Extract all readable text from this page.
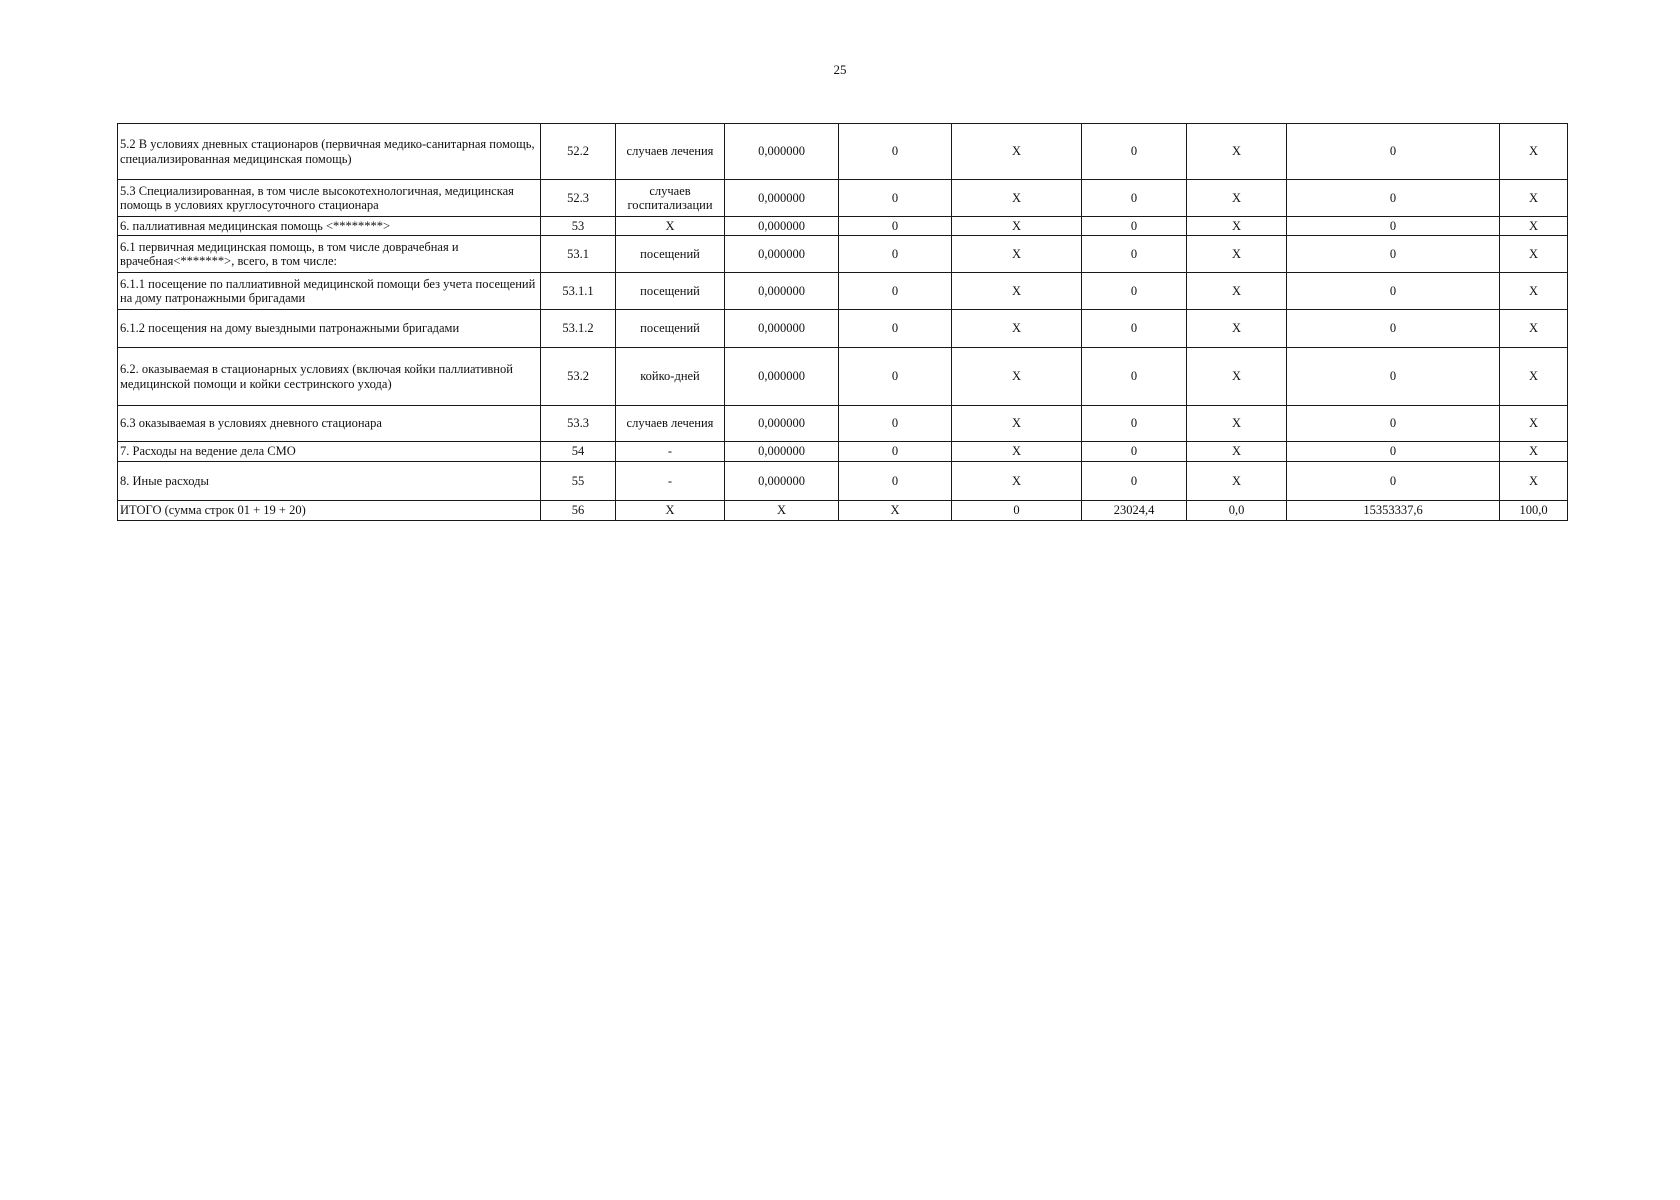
25
5.2 В условиях дневных стационаров (первичная медико-санитарная помощь, специализированная медицинская помощь)	52.2	случаев лечения	0,000000	0	X	0	X	0	X
5.3 Специализированная, в том числе высокотехнологичная, медицинская помощь в условиях круглосуточного стационара	52.3	случаев госпитализации	0,000000	0	X	0	X	0	X
6. паллиативная медицинская помощь <********>	53	X	0,000000	0	X	0	X	0	X
6.1 первичная медицинская помощь, в том числе доврачебная и врачебная<*******>, всего, в том числе:	53.1	посещений	0,000000	0	X	0	X	0	X
6.1.1 посещение по паллиативной медицинской помощи без учета посещений на дому патронажными бригадами	53.1.1	посещений	0,000000	0	X	0	X	0	X
6.1.2 посещения на дому выездными патронажными бригадами	53.1.2	посещений	0,000000	0	X	0	X	0	X
6.2. оказываемая в стационарных условиях (включая койки паллиативной медицинской помощи и койки сестринского ухода)	53.2	койко-дней	0,000000	0	X	0	X	0	X
6.3 оказываемая в условиях дневного стационара	53.3	случаев лечения	0,000000	0	X	0	X	0	X
7. Расходы на ведение дела СМО	54	-	0,000000	0	X	0	X	0	X
8. Иные расходы	55	-	0,000000	0	X	0	X	0	X
ИТОГО (сумма строк 01 + 19 + 20)	56	X	X	X	0	23024,4	0,0	15353337,6	100,0
